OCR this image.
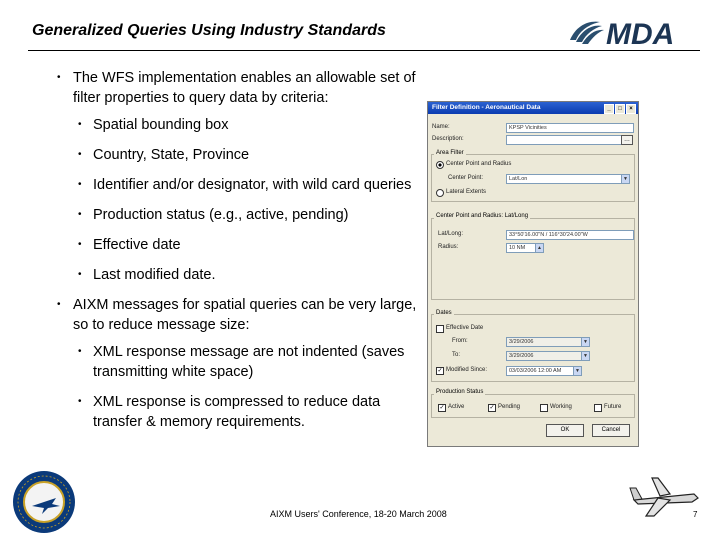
Generalized Queries Using Industry Standards	MDA
• The WFS implementation enables an allowable set of filter properties to query data by criteria:
• Spatial bounding box
• Country, State, Province
• Identifier and/or designator, with wild card queries
• Production status (e.g., active, pending)
• Effective date
• Last modified date.
• AIXM messages for spatial queries can be very large, so to reduce message size:
• XML response message are not indented (saves transmitting white space)
• XML response is compressed to reduce data transfer & memory requirements.
Filter Definition - Aeronautical Data	_	□	×
Name:	KPSP Vicinities
Description:	…
Area Filter
Center Point and Radius
Center Point:	Lat/Lon	▼
Lateral Extents
Center Point and Radius: Lat/Long
Lat/Long:	33°50'16.00"N / 116°30'24.00"W
Radius:	10 NM	▲
Dates
Effective Date
From:	3/29/2006	▼
To:	3/29/2006	▼
✓ Modified Since:	03/03/2006 12:00 AM	▼
Production Status
✓ Active	✓ Pending	Working	Future
OK	Cancel
AIXM Users' Conference, 18-20 March 2008	7
